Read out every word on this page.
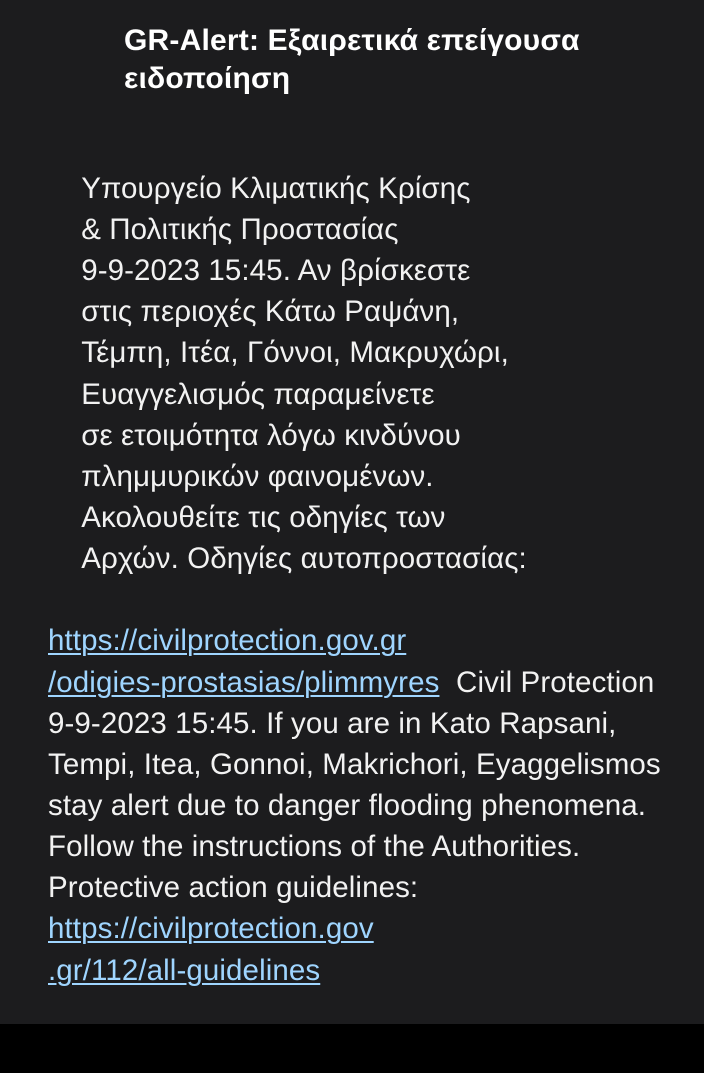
GR-Alert: Εξαιρετικά επείγουσα
ειδοποίηση

Υπουργείο Κλιματικής Κρίσης
& Πολιτικής Προστασίας
9-9-2023 15:45. Αν βρίσκεστε
στις περιοχές Κάτω Ραψάνη,
Τέμπη, Ιτέα, Γόννοι, Μακρυχώρι,
Ευαγγελισμός παραμείνετε
σε ετοιμότητα λόγω κινδύνου
πλημμυρικών φαινομένων.
Ακολουθείτε τις οδηγίες των
Αρχών. Οδηγίες αυτοπροστασίας:

https://civilprotection.gov.gr
/odigies-prostasias/plimmyres  Civil Protection 9-9-2023 15:45. If you are in Kato Rapsani, Tempi, Itea, Gonnoi, Makrichori, Eyaggelismos stay alert due to danger flooding phenomena. Follow the instructions of the Authorities. Protective action guidelines: https://civilprotection.gov
.gr/112/all-guidelines
